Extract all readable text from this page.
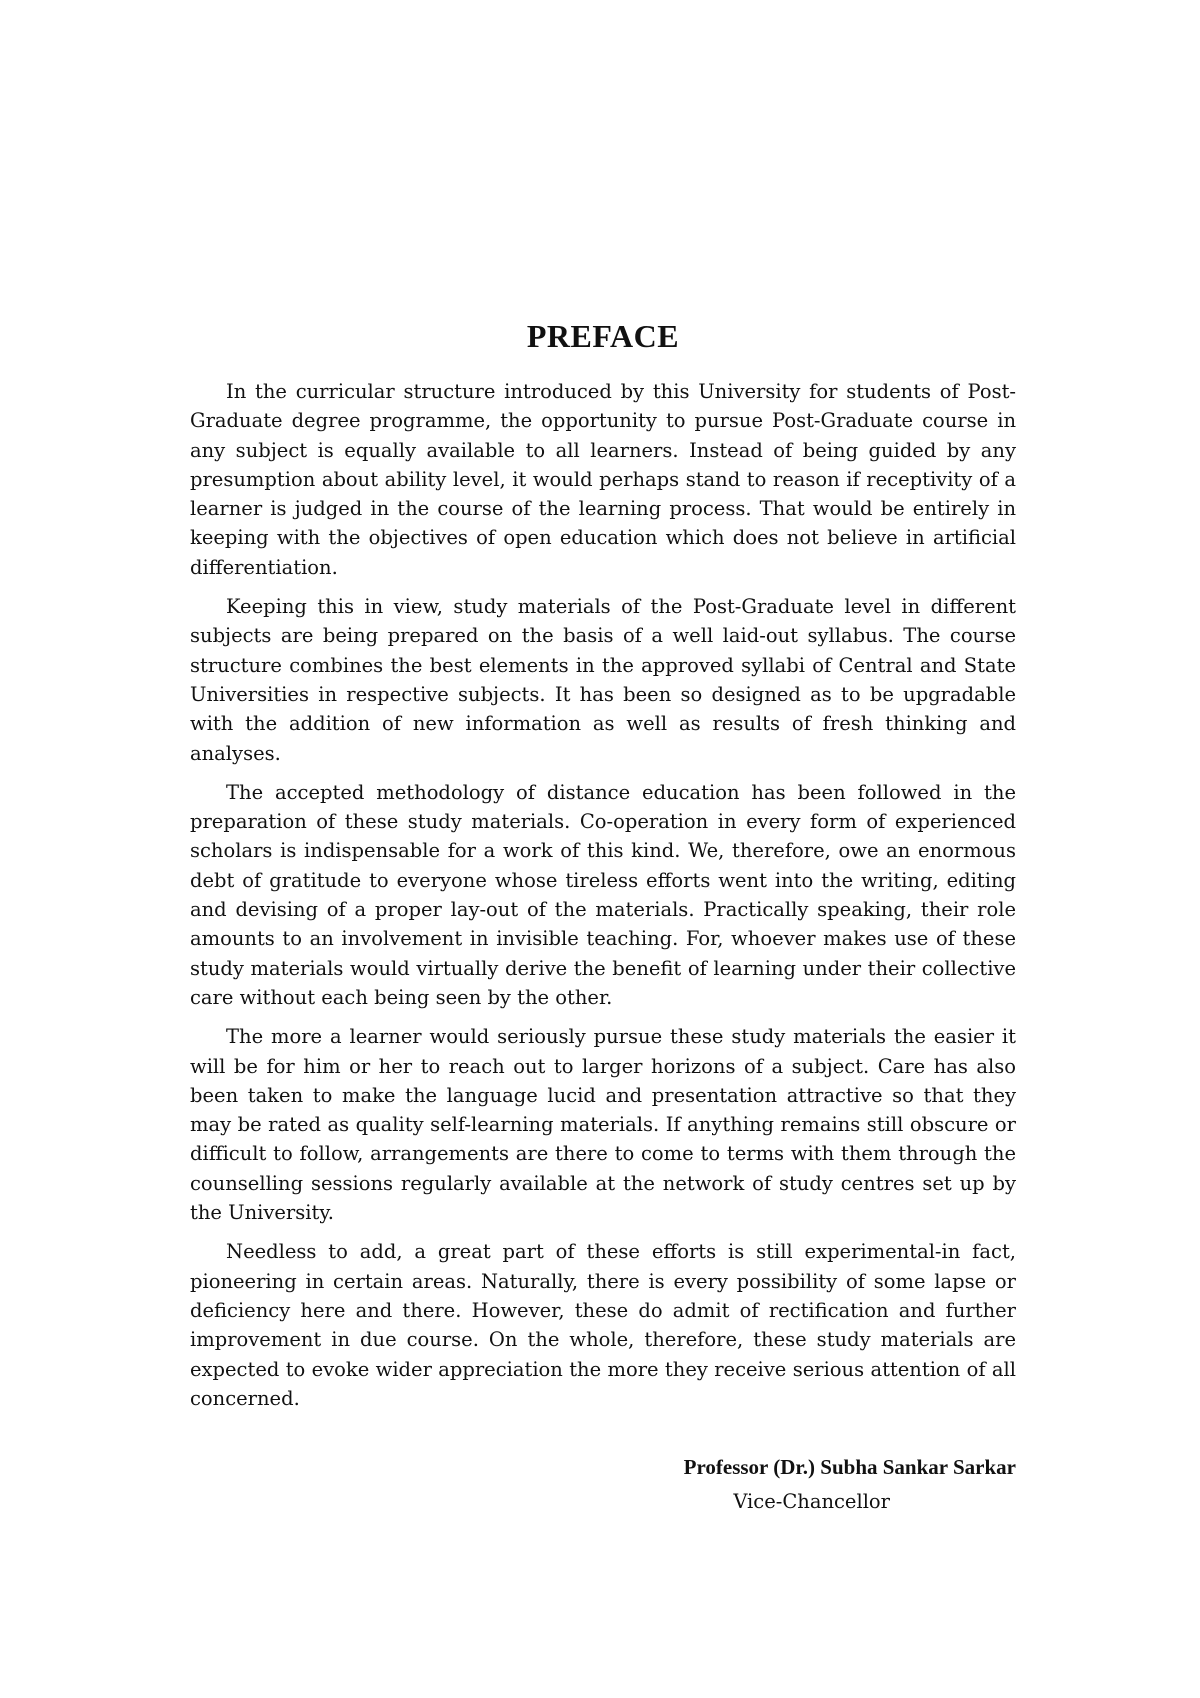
PREFACE

In the curricular structure introduced by this University for students of Post-Graduate degree programme, the opportunity to pursue Post-Graduate course in any subject is equally available to all learners. Instead of being guided by any presumption about ability level, it would perhaps stand to reason if receptivity of a learner is judged in the course of the learning process. That would be entirely in keeping with the objectives of open education which does not believe in artificial differentiation.

Keeping this in view, study materials of the Post-Graduate level in different subjects are being prepared on the basis of a well laid-out syllabus. The course structure combines the best elements in the approved syllabi of Central and State Universities in respective subjects. It has been so designed as to be upgradable with the addition of new information as well as results of fresh thinking and analyses.

The accepted methodology of distance education has been followed in the preparation of these study materials. Co-operation in every form of experienced scholars is indispensable for a work of this kind. We, therefore, owe an enormous debt of gratitude to everyone whose tireless efforts went into the writing, editing and devising of a proper lay-out of the materials. Practically speaking, their role amounts to an involvement in invisible teaching. For, whoever makes use of these study materials would virtually derive the benefit of learning under their collective care without each being seen by the other.

The more a learner would seriously pursue these study materials the easier it will be for him or her to reach out to larger horizons of a subject. Care has also been taken to make the language lucid and presentation attractive so that they may be rated as quality self-learning materials. If anything remains still obscure or difficult to follow, arrangements are there to come to terms with them through the counselling sessions regularly available at the network of study centres set up by the University.

Needless to add, a great part of these efforts is still experimental-in fact, pioneering in certain areas. Naturally, there is every possibility of some lapse or deficiency here and there. However, these do admit of rectification and further improvement in due course. On the whole, therefore, these study materials are expected to evoke wider appreciation the more they receive serious attention of all concerned.

Professor (Dr.) Subha Sankar Sarkar
Vice-Chancellor
